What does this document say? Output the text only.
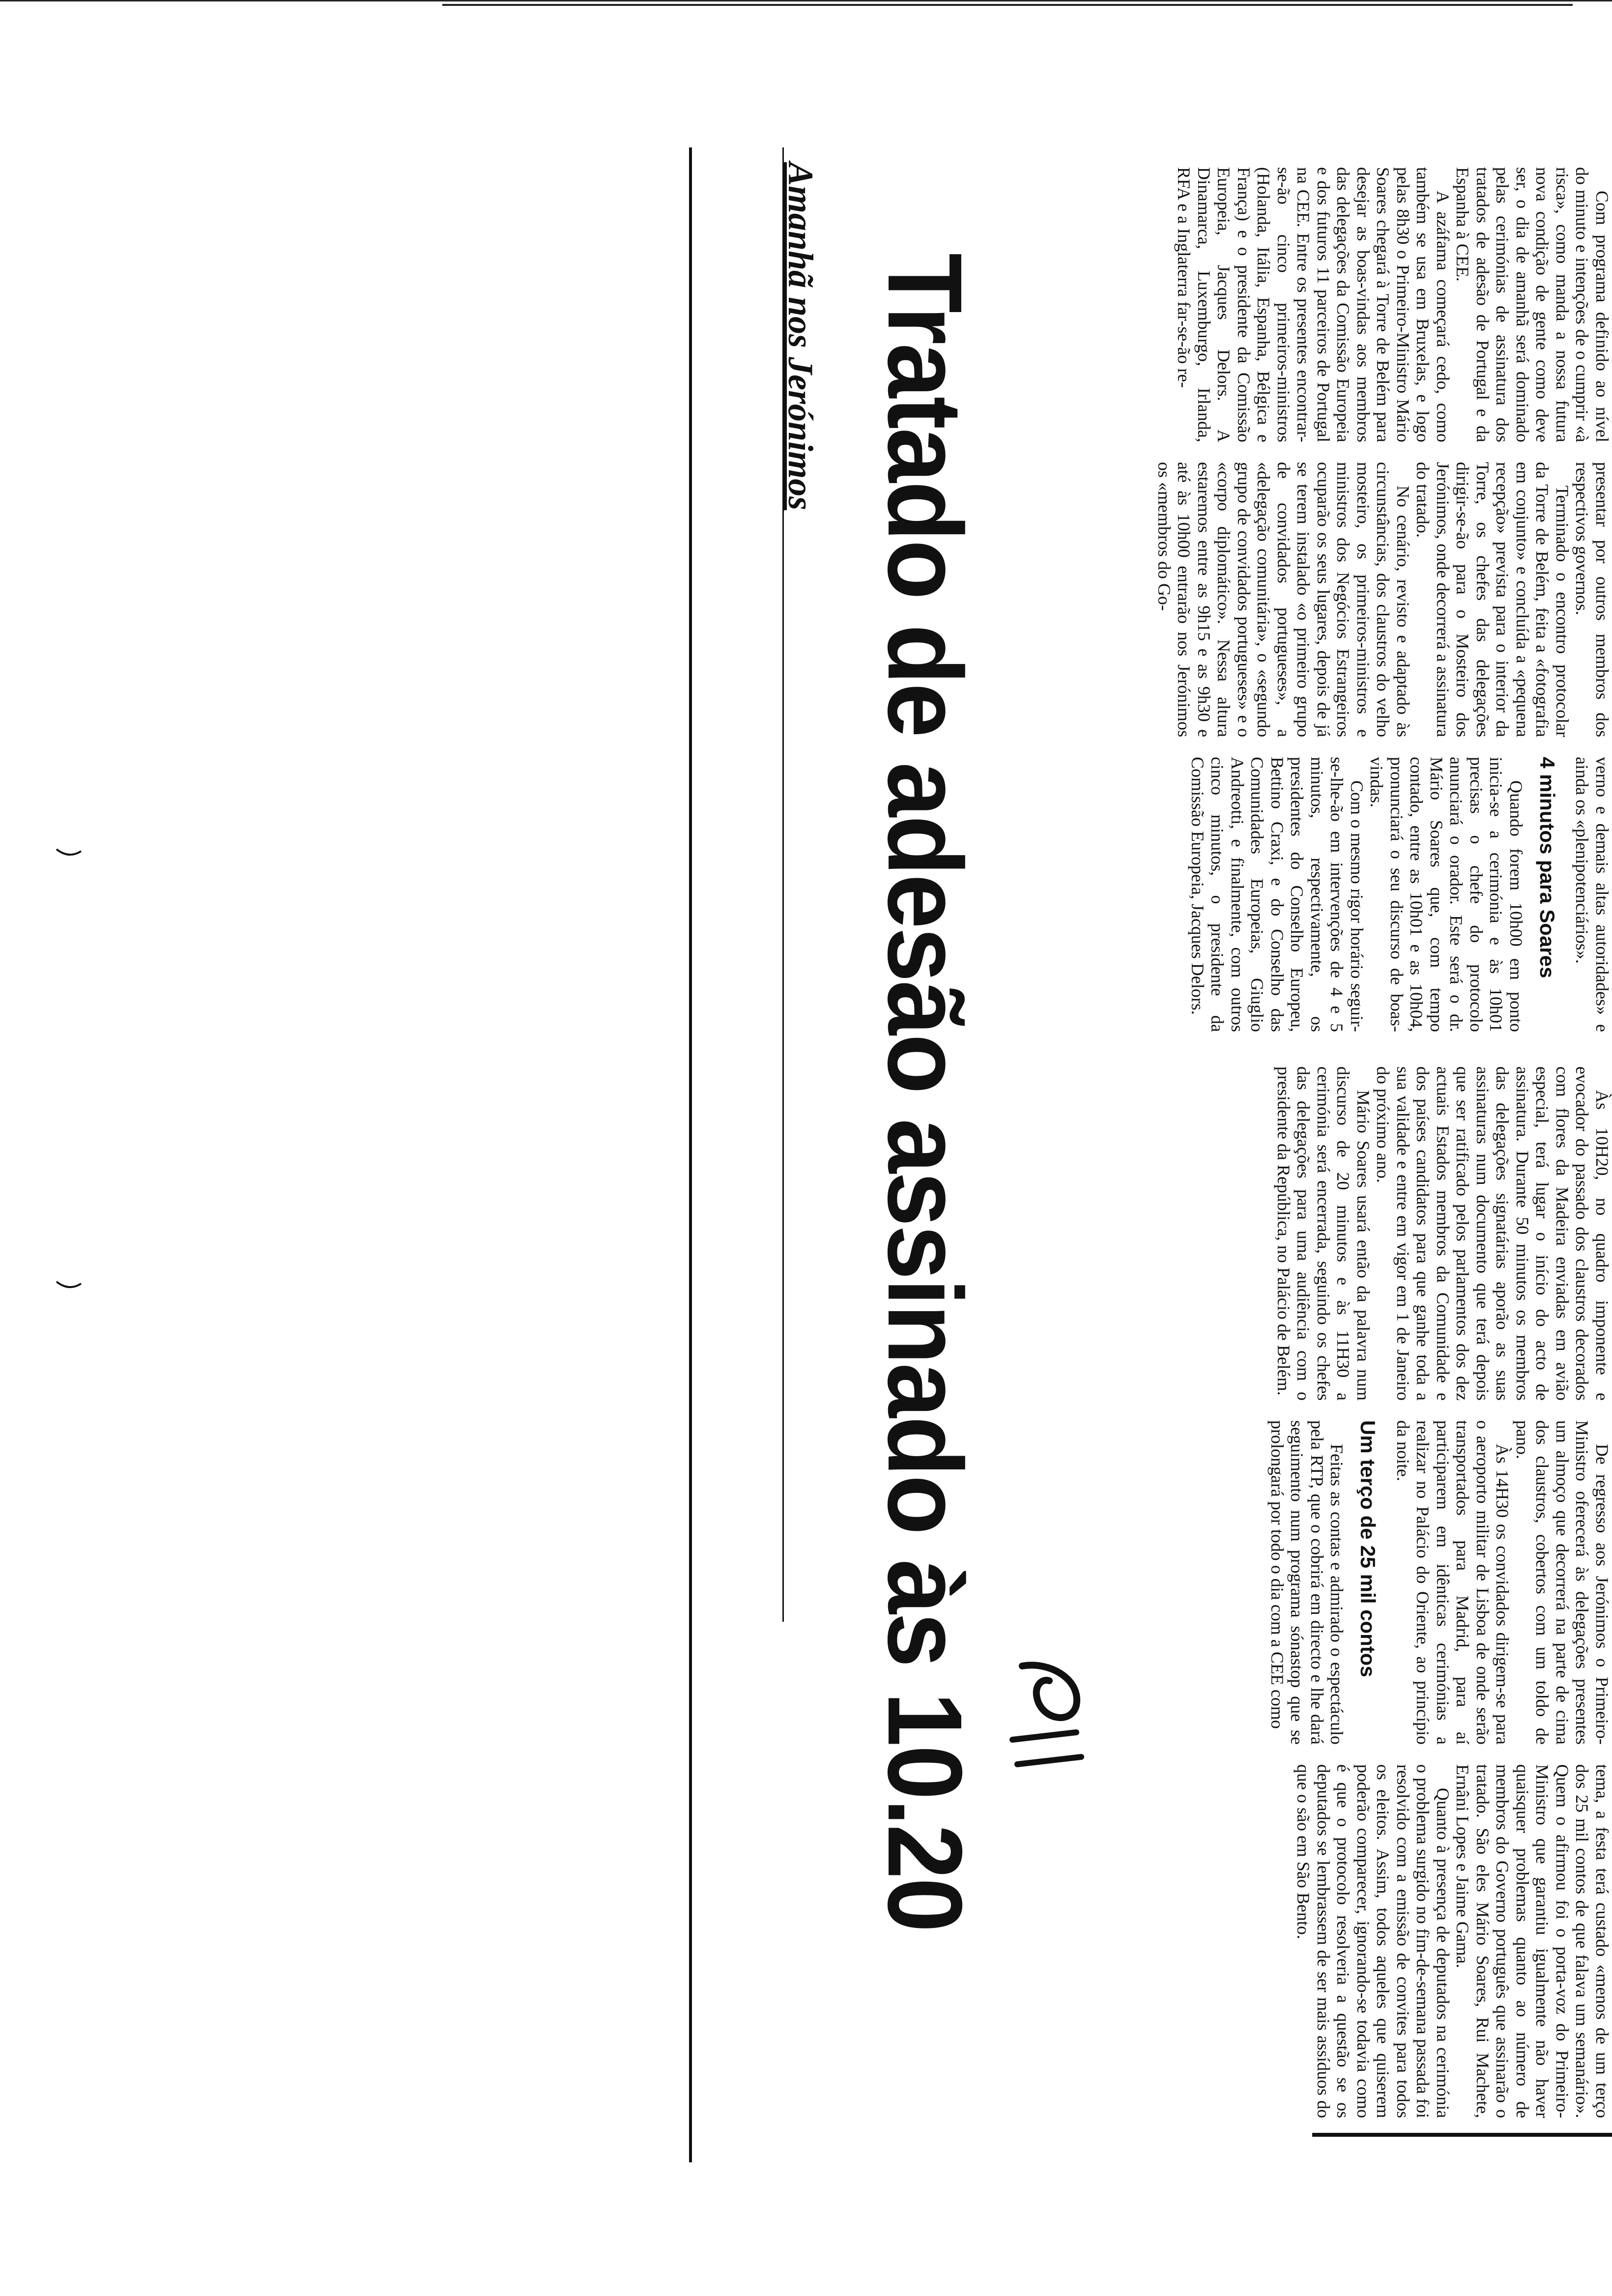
Amanhã nos Jerónimos Tratado de adesão assinado às 10.20	Com programa definido ao nível do minuto e intenções de o cumprir «à risca», como manda a nossa futura nova condição de gente como deve ser, o dia de amanhã será dominado pelas cerimónias de assinatura dos tratados de adesão de Portugal e da Espanha à CEE.

A azáfama começará cedo, como também se usa em Bruxelas, e logo pelas 8h30 o Primeiro-Ministro Mário Soares chegará à Torre de Belém para desejar as boas-vindas aos membros das delegações da Comissão Europeia e dos futuros 11 parceiros de Portugal na CEE. Entre os presentes encontrar-se-ão cinco primeiros-ministros (Holanda, Itália, Espanha, Bélgica e França) e o presidente da Comissão Europeia, Jacques Delors. A Dinamarca, Luxemburgo, Irlanda, RFA e a Inglaterra far-se-ão re-

presentar por outros membros dos respectivos governos.

Terminado o encontro protocolar da Torre de Belém, feita a «fotografia em conjunto» e concluída a «pequena recepção» prevista para o interior da Torre, os chefes das delegações dirigir-se-ão para o Mosteiro dos Jerónimos, onde decorrerá a assinatura do tratado.

No cenário, revisto e adaptado às circunstâncias, dos claustros do velho mosteiro, os primeiros-ministros e ministros dos Negócios Estrangeiros ocuparão os seus lugares, depois de já se terem instalado «o primeiro grupo de convidados portugueses», a «delegação comunitária», o «segundo grupo de convidados portugueses» e o «corpo diplomático». Nessa altura estaremos entre as 9h15 e as 9h30 e até às 10h00 entrarão nos Jerónimos os «membros do Go-

verno e demais altas autoridades» e ainda os «plenipotenciários».

4 minutos para Soares

Quando forem 10h00 em ponto inicia-se a cerimónia e às 10h01 precisas o chefe do protocolo anunciará o orador. Este será o dr. Mário Soares que, com tempo contado, entre as 10h01 e as 10h04, pronunciará o seu discurso de boas-vindas.

Com o mesmo rigor horário seguir-se-lhe-ão em intervenções de 4 e 5 minutos, respectivamente, os presidentes do Conselho Europeu, Bettino Craxi, e do Conselho das Comunidades Europeias, Giuglio Andreotti, e finalmente, com outros cinco minutos, o presidente da Comissão Europeia, Jacques Delors.

Às 10H20, no quadro imponente e evocador do passado dos claustros decorados com flores da Madeira enviadas em avião especial, terá lugar o início do acto de assinatura. Durante 50 minutos os membros das delegações signatárias aporão as suas assinaturas num documento que terá depois que ser ratificado pelos parlamentos dos dez actuais Estados membros da Comunidade e dos países candidatos para que ganhe toda a sua validade e entre em vigor em 1 de Janeiro do próximo ano.

Mário Soares usará então da palavra num discurso de 20 minutos e às 11H30 a cerimónia será encerrada, seguindo os chefes das delegações para uma audiência com o presidente da República, no Palácio de Belém.

De regresso aos Jerónimos o Primeiro-Ministro oferecerá às delegações presentes um almoço que decorrerá na parte de cima dos claustros, cobertos com um toldo de pano.

Às 14H30 os convidados dirigem-se para o aeroporto militar de Lisboa de onde serão transportados para Madrid, para aí participarem em idênticas cerimónias a realizar no Palácio do Oriente, ao princípio da noite.

Um terço de 25 mil contos

Feitas as contas e admirado o espectáculo pela RTP, que o cobrirá em directo e lhe dará seguimento num programa sónastop que se prolongará por todo o dia com a CEE como

tema, a festa terá custado «menos de um terço dos 25 mil contos de que falava um semanário». Quem o afirmou foi o porta-voz do Primeiro-Ministro que garantiu igualmente não haver quaisquer problemas quanto ao número de membros do Governo português que assinarão o tratado. São eles Mário Soares, Rui Machete, Ernâni Lopes e Jaime Gama.

Quanto à presença de deputados na cerimónia o problema surgido no fim-de-semana passada foi resolvido com a emissão de convites para todos os eleitos. Assim, todos aqueles que quiserem poderão comparecer, ignorando-se todavia como é que o protocolo resolveria a questão se os deputados se lembrassem de ser mais assíduos do que o são em São Bento.
